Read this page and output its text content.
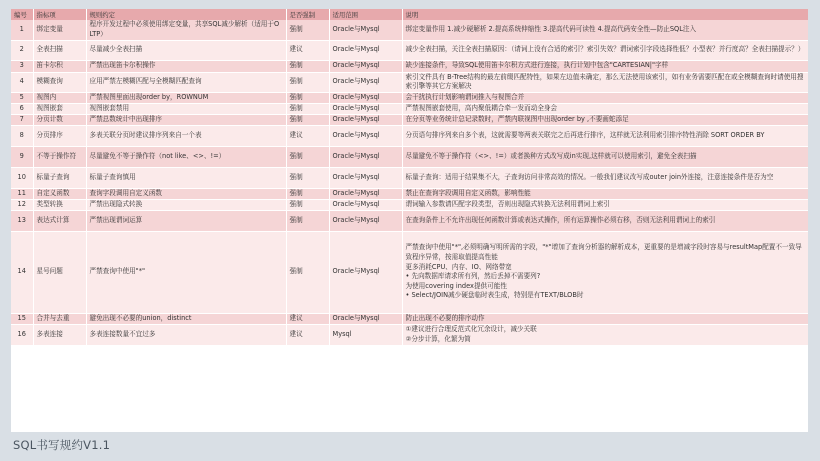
编号	指标项	规则约定	是否强制	适用范围	说明
1	绑定变量	程序开发过程中必须使用绑定变量，共享SQL减少解析（适用于OLTP）	强制	Oracle与Mysql	绑定变量作用 1.减少硬解析 2.提高系统伸缩性 3.提高代码可读性 4.提高代码安全性—防止SQL注入
2	全表扫描	尽量减少全表扫描	建议	Oracle与Mysql	减少全表扫描，关注全表扫描原因：（请词上没有合适的索引？索引失效？谓词索引字段选择性低？小型表？并行度高？全表扫描提示？）
3	笛卡尔积	严禁出现笛卡尔积操作	强制	Oracle与Mysql	缺少连接条件，导致SQL使用笛卡尔积方式进行连接，执行计划中包含"CARTESIAN|"字样
4	模糊查询	应用严禁左模糊匹配与全模糊匹配查询	强制	Oracle与Mysql	索引文件具有 B-Tree结构的最左前缀匹配特性，如果左边值未确定，那么无法使用该索引，如有业务需要匹配在或全模糊查询时请使用搜索引擎等其它方案解决
5	视图内	严禁视图里面出现order by，ROWNUM	强制	Oracle与Mysql	会干扰执行计划影响谓词推入与视图合并
6	视图嵌套	视图嵌套禁用	强制	Oracle与Mysql	严禁视图嵌套使用，高内聚低耦合牵一发而动全身会
7	分页计数	严禁总数统计中出现排序	强制	Oracle与Mysql	在分页等业务统计总记录数时，严禁内联视图中出现order by ,不要画蛇添足
8	分页排序	多表关联分页时建议排序列来自一个表	建议	Oracle与Mysql	分页语句排序列来自多个表，这就需要等两表关联完之后再进行排序，这样就无法利用索引排序特性消除 SORT ORDER BY
9	不等于操作符	尽量避免不等于操作符（not like、<>、!=）	强制	Oracle与Mysql	尽量避免不等于操作符（<>、!=）或者换种方式改写成in实现,这样就可以使用索引，避免全表扫描
10	标量子查询	标量子查询慎用	强制	Oracle与Mysql	标量子查询：适用于结果集不大，子查询访问非常高效的情况。一般我们建议改写成outer join外连接，注意连接条件是否为空
11	自定义函数	查询字段调用自定义函数	强制	Oracle与Mysql	禁止在查询字段调用自定义函数，影响性能
12	类型转换	严禁出现隐式转换	强制	Oracle与Mysql	谓词输入参数请匹配字段类型，否则出现隐式转换无法利用谓词上索引
13	表达式计算	严禁出现谓词运算	强制	Oracle与Mysql	在查询条件上不允许出现任何函数计算或表达式操作，所有运算操作必须右移，否则无法利用谓词上的索引
14	星号问题	严禁查询中使用"*"	强制	Oracle与Mysql	严禁查询中使用"*",必须明确写明所需的字段，"*"增加了查询分析器的解析成本，更重要的是增减字段时容易与resultMap配置不一致导致程序异常，按需取值提高性能
更多消耗CPU、内存、IO、网络带宽
• 先向数据库请求所有列，然后丢掉不需要列?
为使用covering index提供可能性
• Select/JOIN减少硬盘临时表生成，特别是有TEXT/BLOB时

15	合并与去重	避免出现不必要的union，distinct	建议	Oracle与Mysql	防止出现不必要的排序动作
16	多表连接	多表连接数量不宜过多	建议	Mysql	①建议进行合理反范式化冗余设计，减少关联
②分步计算，化繁为简
SQL书写规约V1.1
